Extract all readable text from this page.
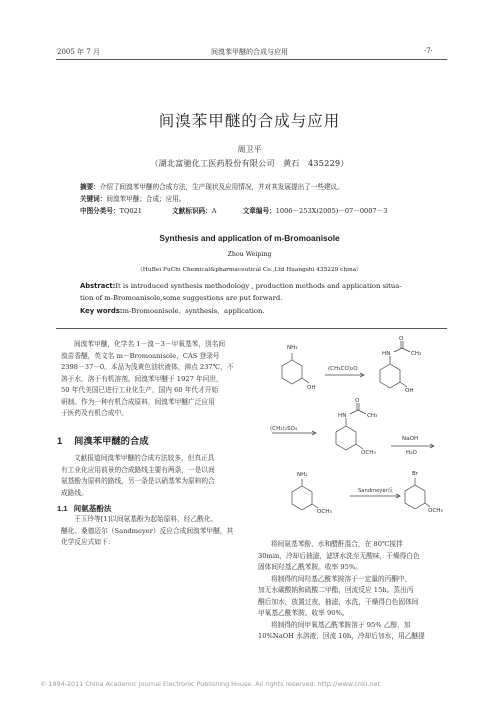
2005 年 7 月	间溴苯甲醚的合成与应用	·7·
间溴苯甲醚的合成与应用
周卫平
（湖北富驰化工医药股份有限公司　黄石　435229）
摘要：介绍了间溴苯甲醚的合成方法，生产现状及应用情况，并对其发展提出了一些建议。
关键词：间溴苯甲醚；合成；应用。
中图分类号：TQ021	文献标识码：A	文章编号：1006－253X(2005)－07－0007－3
Synthesis and application of m-Bromoanisole
Zhou Weiping
（HuBei FuChi Chemical&pharmaceutical Co.,Ltd Huangshi 435229 china）
Abstract:It is introduced synthesis methodology , production methods and application situa-
tion of m-Bromoanisole,some suggestions are put forward.
Key words:m-Bromoanisole、synthesis、application.
间溴苯甲醚，化学名 1－溴－3－甲氧基苯，别名间
溴苗香醚，英文名 m－Bromoanisole，CAS 登录号
2398－37－0。本品为浅黄色油状液体，沸点 237℃，不
溶于水，溶于有机溶剂。间溴苯甲醚于 1927 年问世，
50 年代美国已进行工业化生产，国内 60 年代才开始
研制。作为一种有机合成原料，间溴苯甲醚广泛应用
于医药及有机合成中。
1 间溴苯甲醚的合成
文献报道间溴苯甲醚的合成方法较多，但真正具
有工业化应用前景的合成路线主要有两条，一是以间
氨基酚为原料的路线，另一条是以硝基苯为原料的合
成路线。
1.1 间氨基酚法
王玉玲等[1]以间氨基酚为起始原料，经乙酰化、
醚化、桑德迈尔（Sandmeyer）反应合成间溴苯甲醚，其
化学反应式如下：
NH₂
OH
(CH₃CO)₂O
HN
O
CH₃
OH
(CH₃)₂SO₄
HN
O
CH₃
OCH₃
NaOH
H₂O
NH₂
OCH₃
Sandmeyer反
Br
OCH₃
将间氨基苯酚、水和醋酐混合，在 80℃搅拌
30min，冷却后抽滤，滤饼水洗至无酸味，干燥得白色
固体间羟基乙酰苯胺。收率 95%。
将制得的间羟基乙酰苯胺溶于一定量的丙酮中，
加无水碳酸钠和硫酸二甲酯，回流反应 15h。蒸出丙
酮后加水，放置过夜，抽滤，水洗，干燥得白色固体间
甲氧基乙酰苯胺。收率 90%。
将制得的间甲氧基乙酰苯胺溶于 95% 乙醇，加
10%NaOH 水溶液，回流 10h，冷却后加水，用乙醚提
© 1994-2011 China Academic Journal Electronic Publishing House. All rights reserved. http://www.cnki.net
